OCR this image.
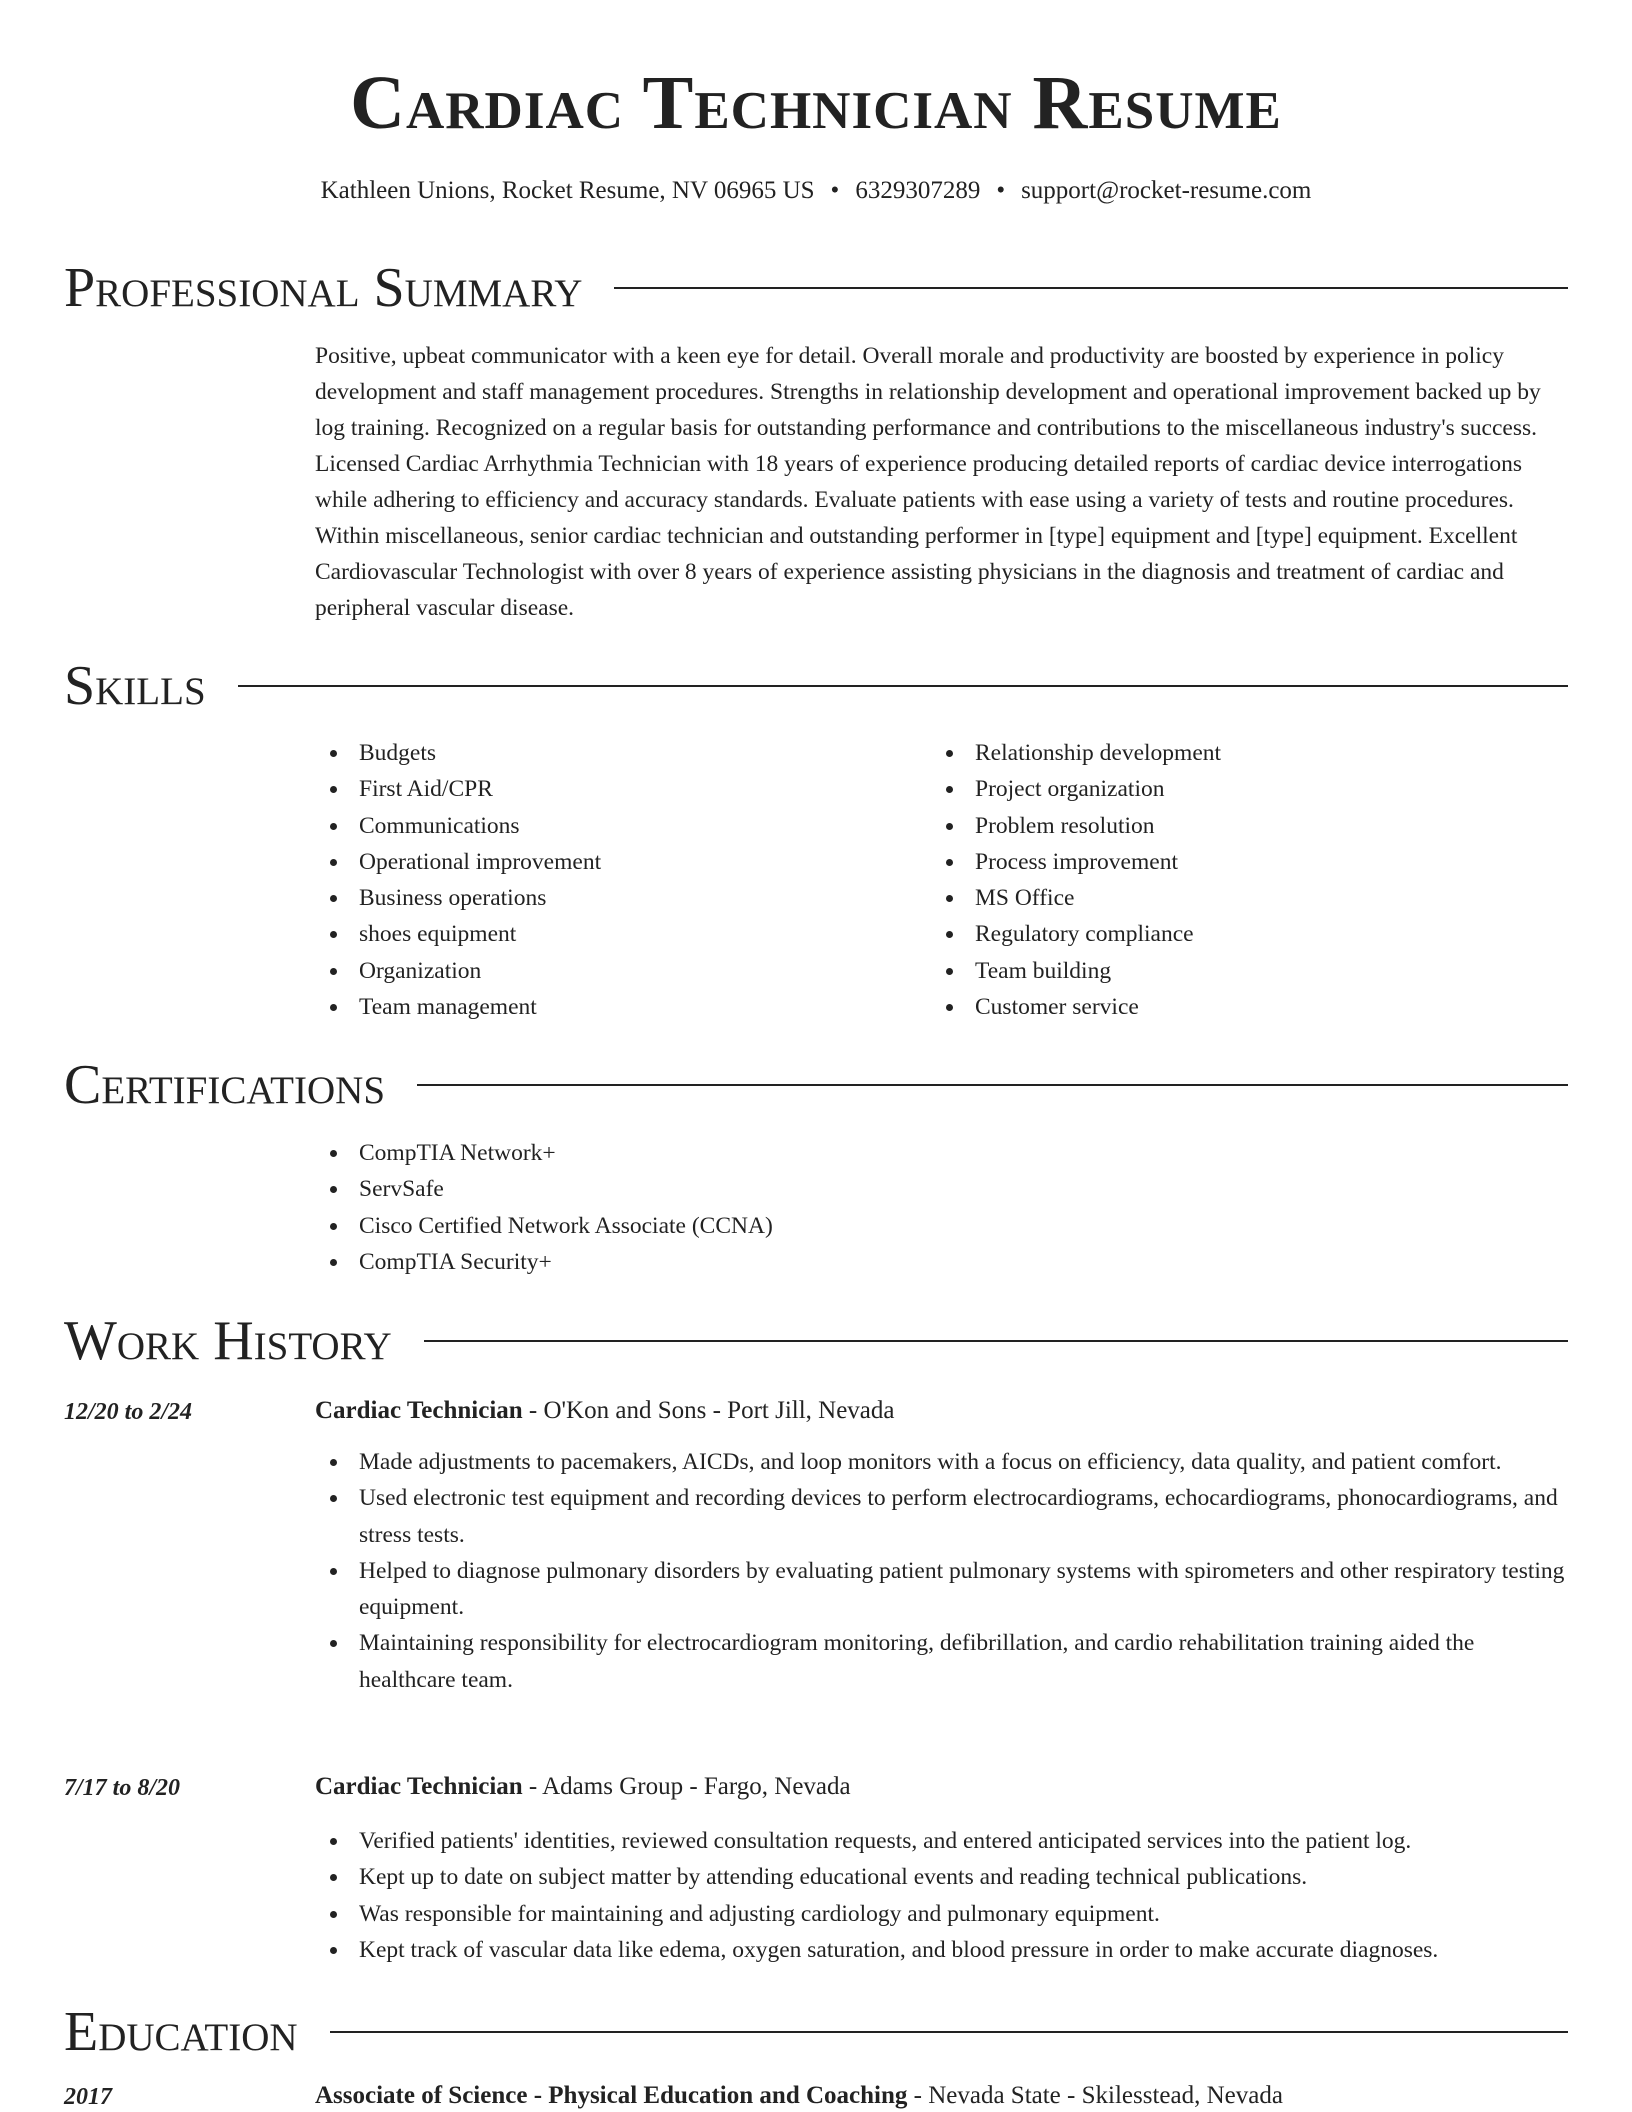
Cardiac Technician Resume
Kathleen Unions, Rocket Resume, NV 06965 US • 6329307289 • support@rocket-resume.com
Professional Summary

Positive, upbeat communicator with a keen eye for detail. Overall morale and productivity are boosted by experience in policy development and staff management procedures. Strengths in relationship development and operational improvement backed up by log training. Recognized on a regular basis for outstanding performance and contributions to the miscellaneous industry's success. Licensed Cardiac Arrhythmia Technician with 18 years of experience producing detailed reports of cardiac device interrogations while adhering to efficiency and accuracy standards. Evaluate patients with ease using a variety of tests and routine procedures. Within miscellaneous, senior cardiac technician and outstanding performer in [type] equipment and [type] equipment. Excellent Cardiovascular Technologist with over 8 years of experience assisting physicians in the diagnosis and treatment of cardiac and peripheral vascular disease.

Skills
Budgets
First Aid/CPR
Communications
Operational improvement
Business operations
shoes equipment
Organization
Team management
Relationship development
Project organization
Problem resolution
Process improvement
MS Office
Regulatory compliance
Team building
Customer service
Certifications
CompTIA Network+
ServSafe
Cisco Certified Network Associate (CCNA)
CompTIA Security+
Work History
12/20 to 2/24	Cardiac Technician - O'Kon and Sons - Port Jill, Nevada
Made adjustments to pacemakers, AICDs, and loop monitors with a focus on efficiency, data quality, and patient comfort.
Used electronic test equipment and recording devices to perform electrocardiograms, echocardiograms, phonocardiograms, and stress tests.
Helped to diagnose pulmonary disorders by evaluating patient pulmonary systems with spirometers and other respiratory testing equipment.
Maintaining responsibility for electrocardiogram monitoring, defibrillation, and cardio rehabilitation training aided the healthcare team.
7/17 to 8/20	Cardiac Technician - Adams Group - Fargo, Nevada
Verified patients' identities, reviewed consultation requests, and entered anticipated services into the patient log.
Kept up to date on subject matter by attending educational events and reading technical publications.
Was responsible for maintaining and adjusting cardiology and pulmonary equipment.
Kept track of vascular data like edema, oxygen saturation, and blood pressure in order to make accurate diagnoses.
Education
2017	Associate of Science - Physical Education and Coaching - Nevada State - Skilesstead, Nevada
